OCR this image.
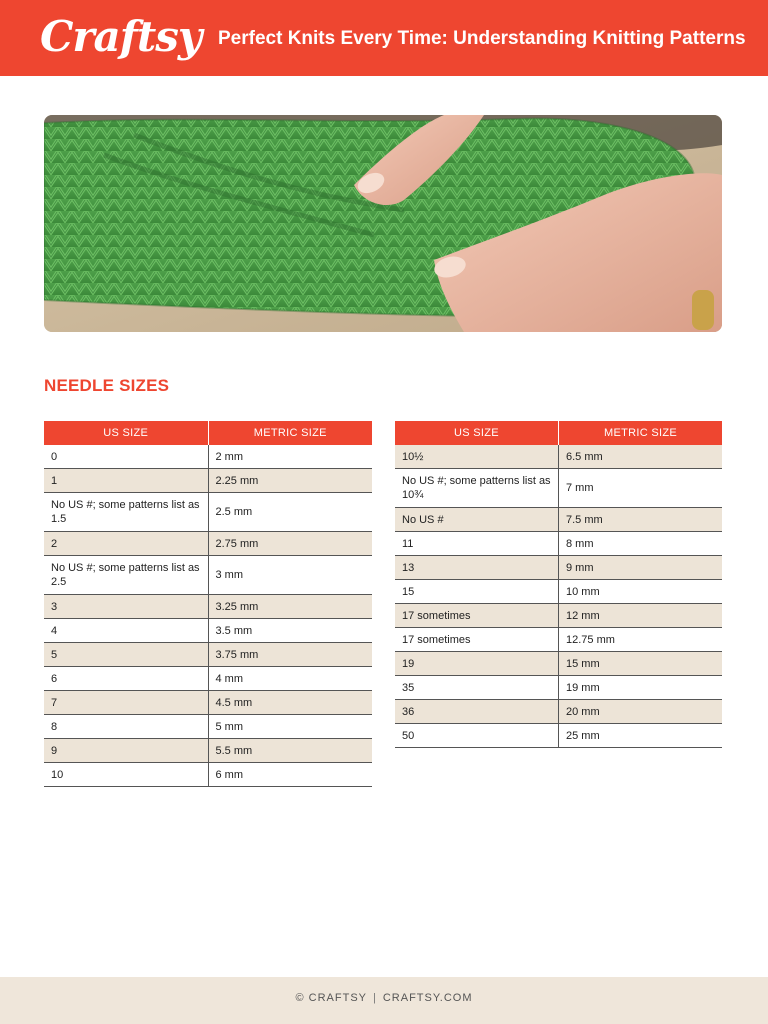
Craftsy Perfect Knits Every Time: Understanding Knitting Patterns
NEEDLE SIZES
US SIZE	METRIC SIZE
0	2 mm
1	2.25 mm
No US #; some patterns list as 1.5	2.5 mm
2	2.75 mm
No US #; some patterns list as 2.5	3 mm
3	3.25 mm
4	3.5 mm
5	3.75 mm
6	4 mm
7	4.5 mm
8	5 mm
9	5.5 mm
10	6 mm
US SIZE	METRIC SIZE
10½	6.5 mm
No US #; some patterns list as 10¾	7 mm
No US #	7.5 mm
11	8 mm
13	9 mm
15	10 mm
17 sometimes	12 mm
17 sometimes	12.75 mm
19	15 mm
35	19 mm
36	20 mm
50	25 mm
© CRAFTSY | CRAFTSY.COM
